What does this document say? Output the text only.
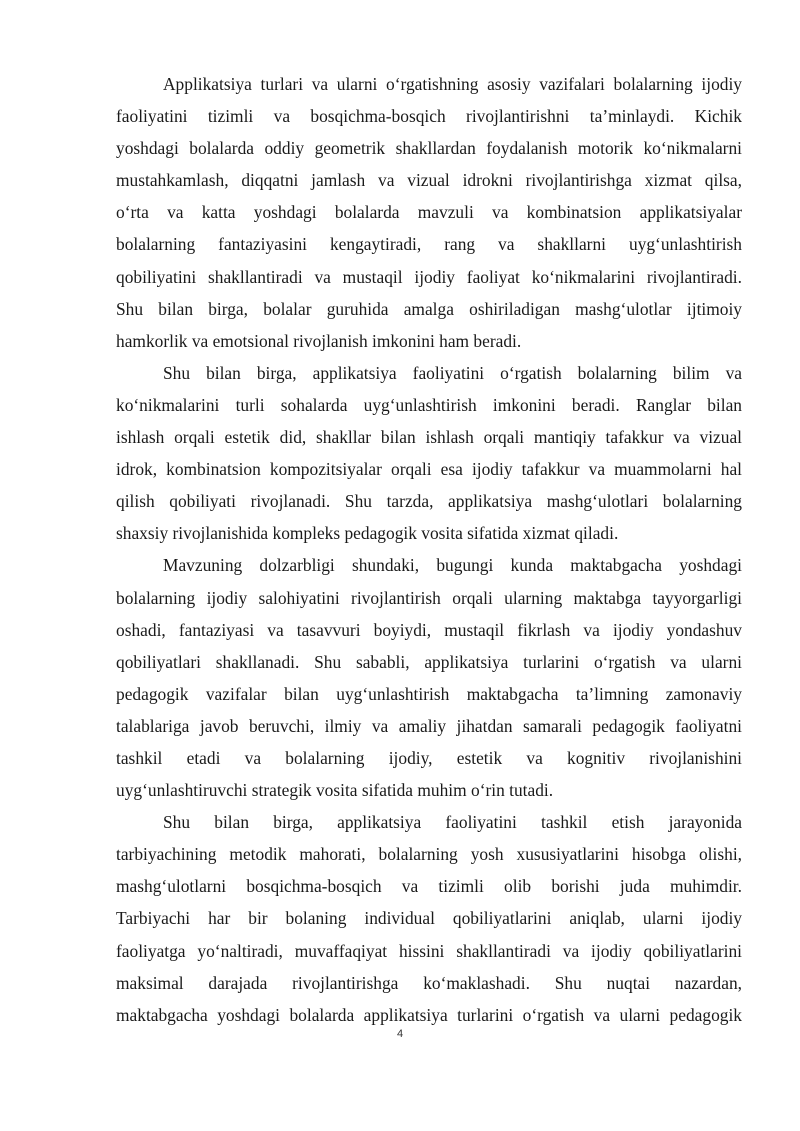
Applikatsiya turlari va ularni o‘rgatishning asosiy vazifalari bolalarning ijodiy
faoliyatini tizimli va bosqichma-bosqich rivojlantirishni ta’minlaydi. Kichik
yoshdagi bolalarda oddiy geometrik shakllardan foydalanish motorik ko‘nikmalarni
mustahkamlash, diqqatni jamlash va vizual idrokni rivojlantirishga xizmat qilsa,
o‘rta va katta yoshdagi bolalarda mavzuli va kombinatsion applikatsiyalar
bolalarning fantaziyasini kengaytiradi, rang va shakllarni uyg‘unlashtirish
qobiliyatini shakllantiradi va mustaqil ijodiy faoliyat ko‘nikmalarini rivojlantiradi.
Shu bilan birga, bolalar guruhida amalga oshiriladigan mashg‘ulotlar ijtimoiy
hamkorlik va emotsional rivojlanish imkonini ham beradi.
Shu bilan birga, applikatsiya faoliyatini o‘rgatish bolalarning bilim va
ko‘nikmalarini turli sohalarda uyg‘unlashtirish imkonini beradi. Ranglar bilan
ishlash orqali estetik did, shakllar bilan ishlash orqali mantiqiy tafakkur va vizual
idrok, kombinatsion kompozitsiyalar orqali esa ijodiy tafakkur va muammolarni hal
qilish qobiliyati rivojlanadi. Shu tarzda, applikatsiya mashg‘ulotlari bolalarning
shaxsiy rivojlanishida kompleks pedagogik vosita sifatida xizmat qiladi.
Mavzuning dolzarbligi shundaki, bugungi kunda maktabgacha yoshdagi
bolalarning ijodiy salohiyatini rivojlantirish orqali ularning maktabga tayyorgarligi
oshadi, fantaziyasi va tasavvuri boyiydi, mustaqil fikrlash va ijodiy yondashuv
qobiliyatlari shakllanadi. Shu sababli, applikatsiya turlarini o‘rgatish va ularni
pedagogik vazifalar bilan uyg‘unlashtirish maktabgacha ta’limning zamonaviy
talablariga javob beruvchi, ilmiy va amaliy jihatdan samarali pedagogik faoliyatni
tashkil etadi va bolalarning ijodiy, estetik va kognitiv rivojlanishini
uyg‘unlashtiruvchi strategik vosita sifatida muhim o‘rin tutadi.
Shu bilan birga, applikatsiya faoliyatini tashkil etish jarayonida
tarbiyachining metodik mahorati, bolalarning yosh xususiyatlarini hisobga olishi,
mashg‘ulotlarni bosqichma-bosqich va tizimli olib borishi juda muhimdir.
Tarbiyachi har bir bolaning individual qobiliyatlarini aniqlab, ularni ijodiy
faoliyatga yo‘naltiradi, muvaffaqiyat hissini shakllantiradi va ijodiy qobiliyatlarini
maksimal darajada rivojlantirishga ko‘maklashadi. Shu nuqtai nazardan,
maktabgacha yoshdagi bolalarda applikatsiya turlarini o‘rgatish va ularni pedagogik
4
